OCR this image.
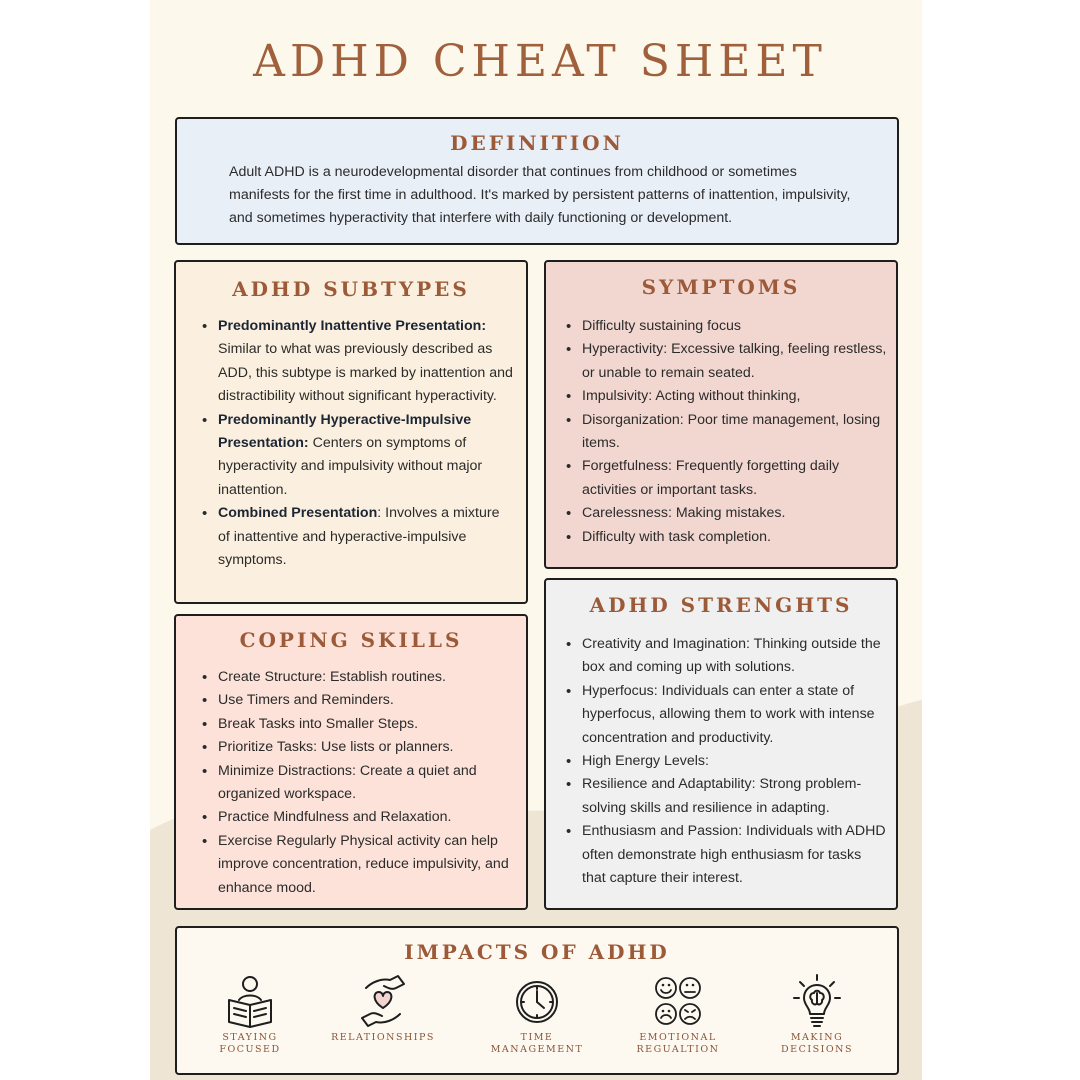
ADHD CHEAT SHEET
DEFINITION

Adult ADHD is a neurodevelopmental disorder that continues from childhood or sometimes manifests for the first time in adulthood. It's marked by persistent patterns of inattention, impulsivity, and sometimes hyperactivity that interfere with daily functioning or development.

ADHD SUBTYPES
• Predominantly Inattentive Presentation: Similar to what was previously described as ADD, this subtype is marked by inattention and distractibility without significant hyperactivity.
• Predominantly Hyperactive-Impulsive Presentation: Centers on symptoms of hyperactivity and impulsivity without major inattention.
• Combined Presentation: Involves a mixture of inattentive and hyperactive-impulsive symptoms.
SYMPTOMS
• Difficulty sustaining focus
• Hyperactivity: Excessive talking, feeling restless, or unable to remain seated.
• Impulsivity: Acting without thinking,
• Disorganization: Poor time management, losing items.
• Forgetfulness: Frequently forgetting daily activities or important tasks.
• Carelessness: Making mistakes.
• Difficulty with task completion.
COPING SKILLS
• Create Structure: Establish routines.
• Use Timers and Reminders.
• Break Tasks into Smaller Steps.
• Prioritize Tasks: Use lists or planners.
• Minimize Distractions: Create a quiet and organized workspace.
• Practice Mindfulness and Relaxation.
• Exercise Regularly Physical activity can help improve concentration, reduce impulsivity, and enhance mood.
ADHD STRENGHTS
• Creativity and Imagination: Thinking outside the box and coming up with solutions.
• Hyperfocus: Individuals can enter a state of hyperfocus, allowing them to work with intense concentration and productivity.
• High Energy Levels:
• Resilience and Adaptability: Strong problem-solving skills and resilience in adapting.
• Enthusiasm and Passion: Individuals with ADHD often demonstrate high enthusiasm for tasks that capture their interest.
IMPACTS OF ADHD
STAYING
FOCUSED
RELATIONSHIPS	TIME
MANAGEMENT
EMOTIONAL
REGUALTION
MAKING
DECISIONS
